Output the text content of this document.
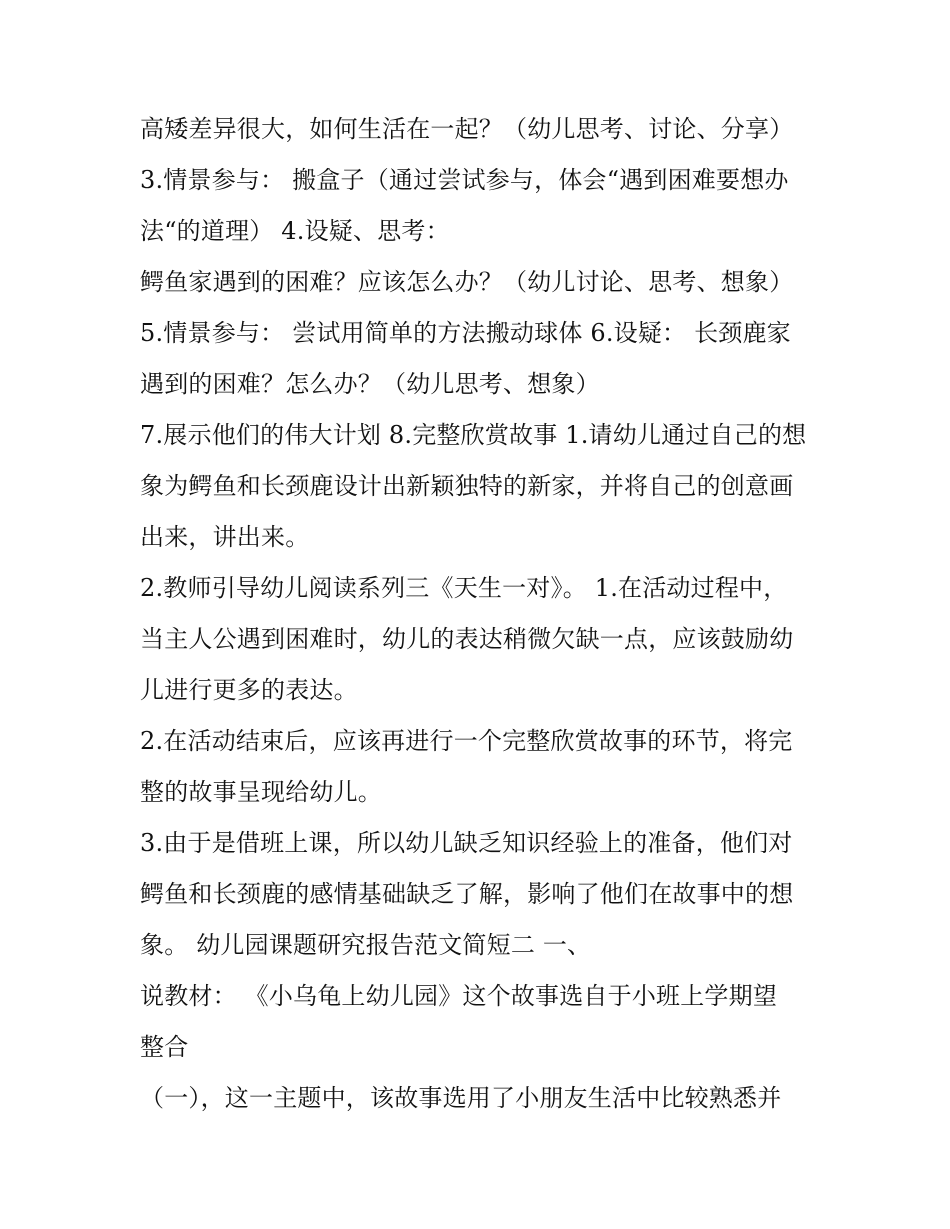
高矮差异很大，如何生活在一起？（幼儿思考、讨论、分享）
3.情景参与： 搬盒子（通过尝试参与，体会“遇到困难要想办
法“的道理） 4.设疑、思考：
鳄鱼家遇到的困难？应该怎么办？（幼儿讨论、思考、想象）
5.情景参与： 尝试用简单的方法搬动球体 6.设疑： 长颈鹿家
遇到的困难？怎么办？（幼儿思考、想象）
7.展示他们的伟大计划 8.完整欣赏故事 1.请幼儿通过自己的想
象为鳄鱼和长颈鹿设计出新颖独特的新家，并将自己的创意画
出来，讲出来。
2.教师引导幼儿阅读系列三《天生一对》。 1.在活动过程中，
当主人公遇到困难时，幼儿的表达稍微欠缺一点，应该鼓励幼
儿进行更多的表达。
2.在活动结束后，应该再进行一个完整欣赏故事的环节，将完
整的故事呈现给幼儿。
3.由于是借班上课，所以幼儿缺乏知识经验上的准备，他们对
鳄鱼和长颈鹿的感情基础缺乏了解，影响了他们在故事中的想
象。 幼儿园课题研究报告范文简短二 一、
说教材： 《小乌龟上幼儿园》这个故事选自于小班上学期望
整合
（一），这一主题中，该故事选用了小朋友生活中比较熟悉并
